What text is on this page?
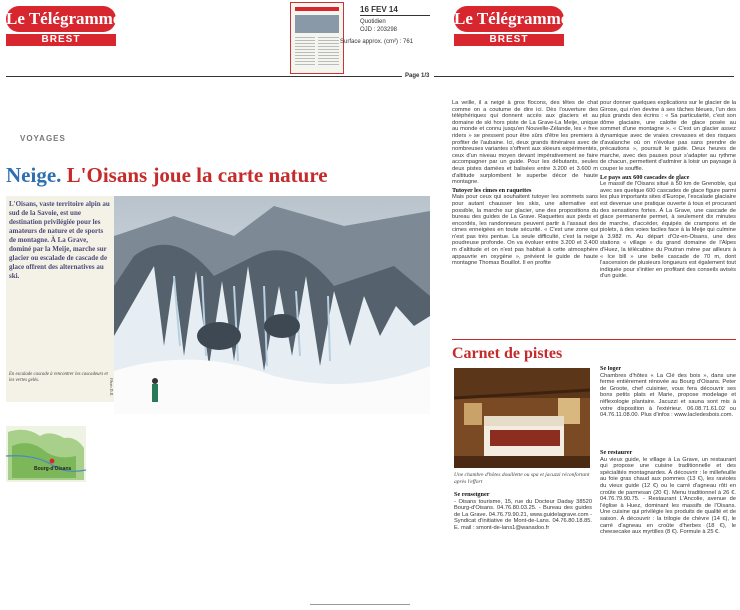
Le Télégramme
BREST
16 FEV 14
Quotidien
OJD : 203298
Surface approx. (cm²) : 761
Le Télégramme
BREST
Page 1/3
VOYAGES
Neige. L'Oisans joue la carte nature
L'Oisans, vaste territoire alpin au sud de la Savoie, est une destination privilégiée pour les amateurs de nature et de sports de montagne. À La Grave, dominé par la Meije, marche sur glacier ou escalade de cascade de glace offrent des alternatives au ski.
En escalade cascade à rencontrer les cascadeurs et les vertes gelés.	Photo D.R.
Bourg-d'Oisans

La veille, il a neigé à gros flocons, des têtes de chat comme on a coutume de dire ici. Dès l'ouverture des téléphériques qui donnent accès aux glaciers et au domaine de ski hors piste de La Grave-La Meije, unique au monde et connu jusqu'en Nouvelle-Zélande, les « free riders » se pressent pour être sûrs d'être les premiers à profiter de l'aubaine. Ici, deux grands itinéraires avec de nombreuses variantes s'offrent aux skieurs expérimentés, ceux d'un niveau moyen devant impérativement se faire accompagner par un guide. Pour les débutants, seules deux pistes damées et balisées entre 3.200 et 3.600 m d'altitude surplombent le superbe décor de haute montagne.

Tutoyer les cimes en raquettes

Mais pour ceux qui souhaitent tutoyer les sommets sans pour autant chausser les skis, une alternative est possible, la marche sur glacier, une des propositions du bureau des guides de La Grave. Raquettes aux pieds et encordés, les randonneurs peuvent partir à l'assaut des cimes enneigées en toute sécurité. « C'est une zone qui n'est pas très pentue. La seule difficulté, c'est la neige poudreuse profonde. On va évoluer entre 3.200 et 3.400 m d'altitude et on n'est pas habitué à cette atmosphère appauvrie en oxygène », prévient le guide de haute montagne Thomas Bouillot. Il en profite

pour donner quelques explications sur le glacier de la Girose, qui n'en devine à ses tâches bleues, l'un des plus grands des écrins : « Sa particularité, c'est son dôme glaciaire, une calotte de glace posée au sommet d'une montagne ». « C'est un glacier assez dynamique avec de vraies crevasses et des risques d'avalanche où on n'évolue pas sans prendre de précautions », poursuit le guide. Deux heures de marche, avec des pauses pour s'adapter au rythme de chacun, permettent d'admirer à loisir un paysage à couper le souffle.

Le pays aux 600 cascades de glace

Le massif de l'Oisans situé à 50 km de Grenoble, qui avec ses quelque 600 cascades de glace figure parmi les plus importants sites d'Europe, l'escalade glaciaire est devenue une pratique ouverte à tous et procurant des sensations fortes. À La Grave, une cascade de glace permanente permet, à seulement dix minutes de marche, d'accéder, équipés de crampons et de piolets, à des voies faciles face à la Meije qui culmine à 3.982 m. Au départ d'Oz-en-Oisans, une des stations « village » du grand domaine de l'Alpes d'Huez, la télécabine du Poutran mène par ailleurs à « Ice bill » une belle cascade de 70 m, dont l'ascension de plusieurs longueurs est également tout indiquée pour s'initier en profitant des conseils avisés d'un guide.

Carnet de pistes
Une chambre d'hôtes douillette ou spa et jacuzzi réconfortant après l'effort
Se renseigner

- Oisans tourisme, 15, rue du Docteur Daday 38520 Bourg-d'Oisans. 04.76.80.03.25. - Bureau des guides de La Grave. 04.76.79.90.21, www.guidelagrave.com - Syndicat d'initiative de Mont-de-Lans. 04.76.80.18.85. E. mail : smont-de-lans1@wanadoo.fr

Se loger

Chambres d'hôtes « La Clé des bois », dans une ferme entièrement rénovée au Bourg d'Oisans. Peter de Groote, chef cuisinier, vous fera découvrir ses bons petits plats et Marie, propose modelage et réflexologie plantaire. Jacuzzi et sauna sont mis à votre disposition à l'extérieur. 06.08.71.61.02 ou 04.76.11.08.00. Plus d'infos : www.lacledesbois.com.

Se restaurer

Au vieux guide, le village à La Grave, un restaurant qui propose une cuisine traditionnelle et des spécialités montagnardes. À découvrir : le millefeuille au foie gras chaud aux pommes (13 €), les ravioles du vieux guide (12 €) ou le carré d'agneau rôti en croûte de parmesan (20 €). Menu traditionnel à 26 €. 04.76.79.90.75. - Restaurant L'Ancolie, avenue de l'église à Huez, dominant les massifs de l'Oisans. Une cuisine qui privilégie les produits de qualité et de saison. À découvrir : la trilogie de chèvre (14 €), le carré d'agneau en croûte d'herbes (18 €), le cheesecake aux myrtilles (8 €). Formule à 25 €.
